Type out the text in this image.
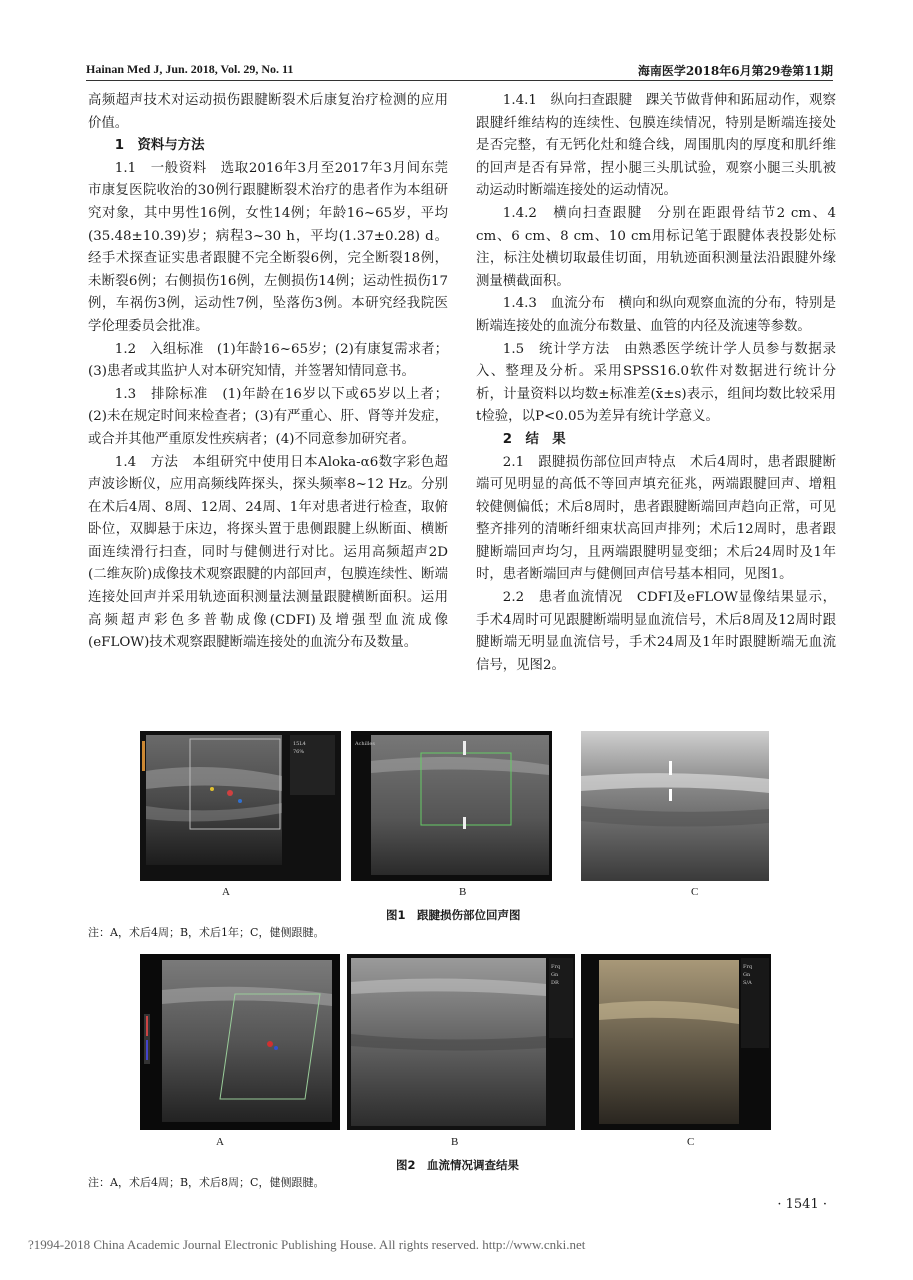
Hainan Med J, Jun. 2018, Vol. 29, No. 11	海南医学2018年6月第29卷第11期

高频超声技术对运动损伤跟腱断裂术后康复治疗检测的应用价值。

1　资料与方法

1.1　一般资料　选取2016年3月至2017年3月间东莞市康复医院收治的30例行跟腱断裂术治疗的患者作为本组研究对象，其中男性16例，女性14例；年龄16~65岁，平均(35.48±10.39)岁；病程3~30 h，平均(1.37±0.28) d。经手术探查证实患者跟腱不完全断裂6例，完全断裂18例，未断裂6例；右侧损伤16例，左侧损伤14例；运动性损伤17例，车祸伤3例，运动性7例，坠落伤3例。本研究经我院医学伦理委员会批准。

1.2　入组标准　(1)年龄16~65岁；(2)有康复需求者；(3)患者或其监护人对本研究知情，并签署知情同意书。

1.3　排除标准　(1)年龄在16岁以下或65岁以上者；(2)未在规定时间来检查者；(3)有严重心、肝、肾等并发症，或合并其他严重原发性疾病者；(4)不同意参加研究者。

1.4　方法　本组研究中使用日本Aloka-α6数字彩色超声波诊断仪，应用高频线阵探头，探头频率8~12 Hz。分别在术后4周、8周、12周、24周、1年对患者进行检查，取俯卧位，双脚悬于床边，将探头置于患侧跟腱上纵断面、横断面连续滑行扫查，同时与健侧进行对比。运用高频超声2D (二维灰阶)成像技术观察跟腱的内部回声，包膜连续性、断端连接处回声并采用轨迹面积测量法测量跟腱横断面积。运用高频超声彩色多普勒成像(CDFI)及增强型血流成像(eFLOW)技术观察跟腱断端连接处的血流分布及数量。

1.4.1　纵向扫查跟腱　踝关节做背伸和跖屈动作，观察跟腱纤维结构的连续性、包膜连续情况，特别是断端连接处是否完整，有无钙化灶和缝合线，周围肌肉的厚度和肌纤维的回声是否有异常，捏小腿三头肌试验，观察小腿三头肌被动运动时断端连接处的运动情况。

1.4.2　横向扫查跟腱　分别在距跟骨结节2 cm、4 cm、6 cm、8 cm、10 cm用标记笔于跟腱体表投影处标注，标注处横切取最佳切面，用轨迹面积测量法沿跟腱外缘测量横截面积。

1.4.3　血流分布　横向和纵向观察血流的分布，特别是断端连接处的血流分布数量、血管的内径及流速等参数。

1.5　统计学方法　由熟悉医学统计学人员参与数据录入、整理及分析。采用SPSS16.0软件对数据进行统计分析，计量资料以均数±标准差(x̄±s)表示，组间均数比较采用t检验，以P<0.05为差异有统计学意义。

2　结　果

2.1　跟腱损伤部位回声特点　术后4周时，患者跟腱断端可见明显的高低不等回声填充征兆，两端跟腱回声、增粗较健侧偏低；术后8周时，患者跟腱断端回声趋向正常，可见整齐排列的清晰纤细束状高回声排列；术后12周时，患者跟腱断端回声均匀，且两端跟腱明显变细；术后24周时及1年时，患者断端回声与健侧回声信号基本相同，见图1。

2.2　患者血流情况　CDFI及eFLOW显像结果显示，手术4周时可见跟腱断端明显血流信号，术后8周及12周时跟腱断端无明显血流信号，手术24周及1年时跟腱断端无血流信号，见图2。

15L4
76%
Achilles
A	B	C
图1　跟腱损伤部位回声图
注：A，术后4周；B，术后1年；C，健侧跟腱。
Frq
Gn
DR
Frq
Gn
S/A
A	B	C
图2　血流情况调查结果
注：A，术后4周；B，术后8周；C，健侧跟腱。
· 1541 ·
?1994-2018 China Academic Journal Electronic Publishing House. All rights reserved. http://www.cnki.net
